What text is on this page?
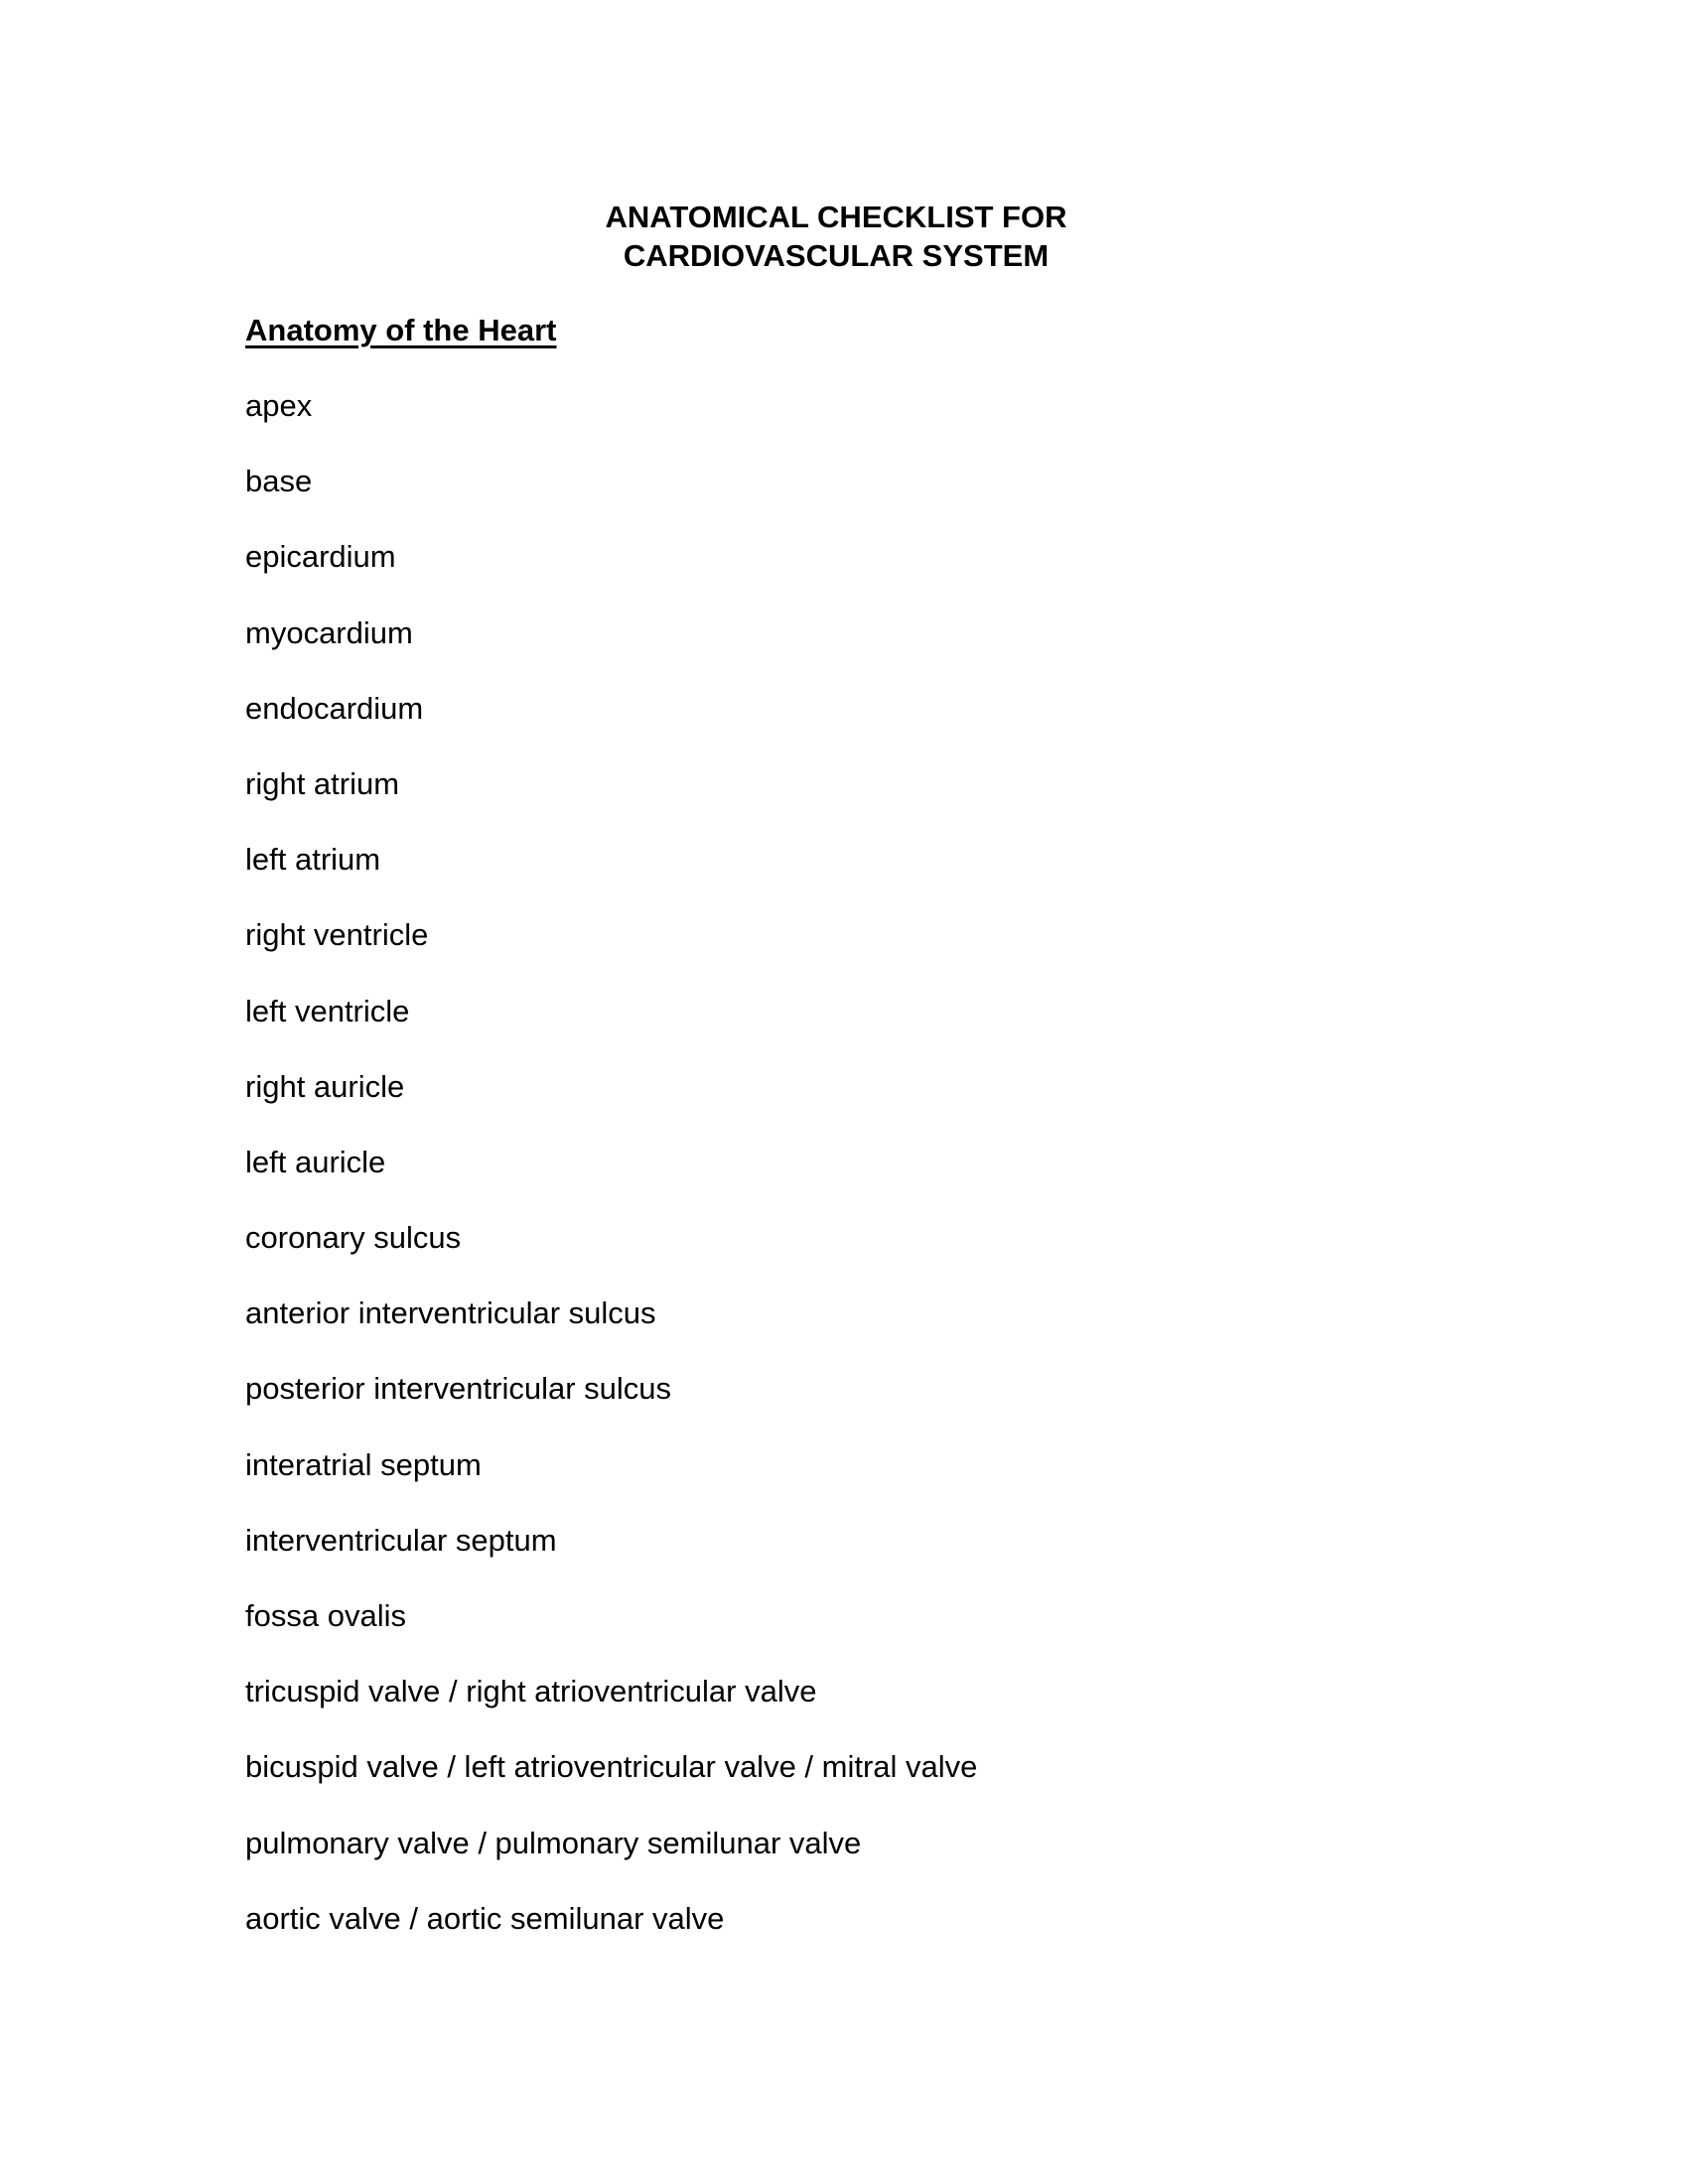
ANATOMICAL CHECKLIST FOR
CARDIOVASCULAR SYSTEM
Anatomy of the Heart
apex
base
epicardium
myocardium
endocardium
right atrium
left atrium
right ventricle
left ventricle
right auricle
left auricle
coronary sulcus
anterior interventricular sulcus
posterior interventricular sulcus
interatrial septum
interventricular septum
fossa ovalis
tricuspid valve / right atrioventricular valve
bicuspid valve / left atrioventricular valve / mitral valve
pulmonary valve / pulmonary semilunar valve
aortic valve / aortic semilunar valve
